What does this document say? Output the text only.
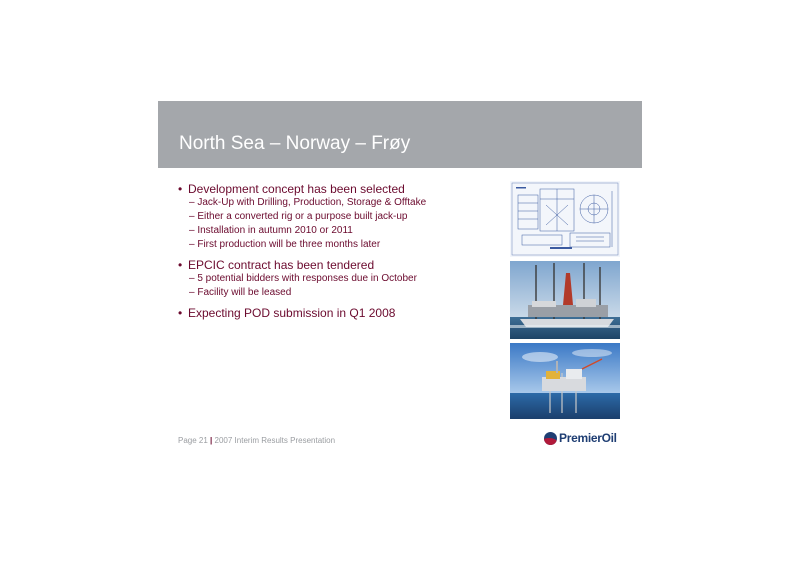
North Sea – Norway – Frøy
• Development concept has been selected
– Jack-Up with Drilling, Production, Storage & Offtake
– Either a converted rig or a purpose built jack-up
– Installation in autumn 2010 or 2011
– First production will be three months later
• EPCIC contract has been tendered
– 5 potential bidders with responses due in October
– Facility will be leased
• Expecting POD submission in Q1 2008
Page 21 | 2007 Interim Results Presentation	PremierOil
